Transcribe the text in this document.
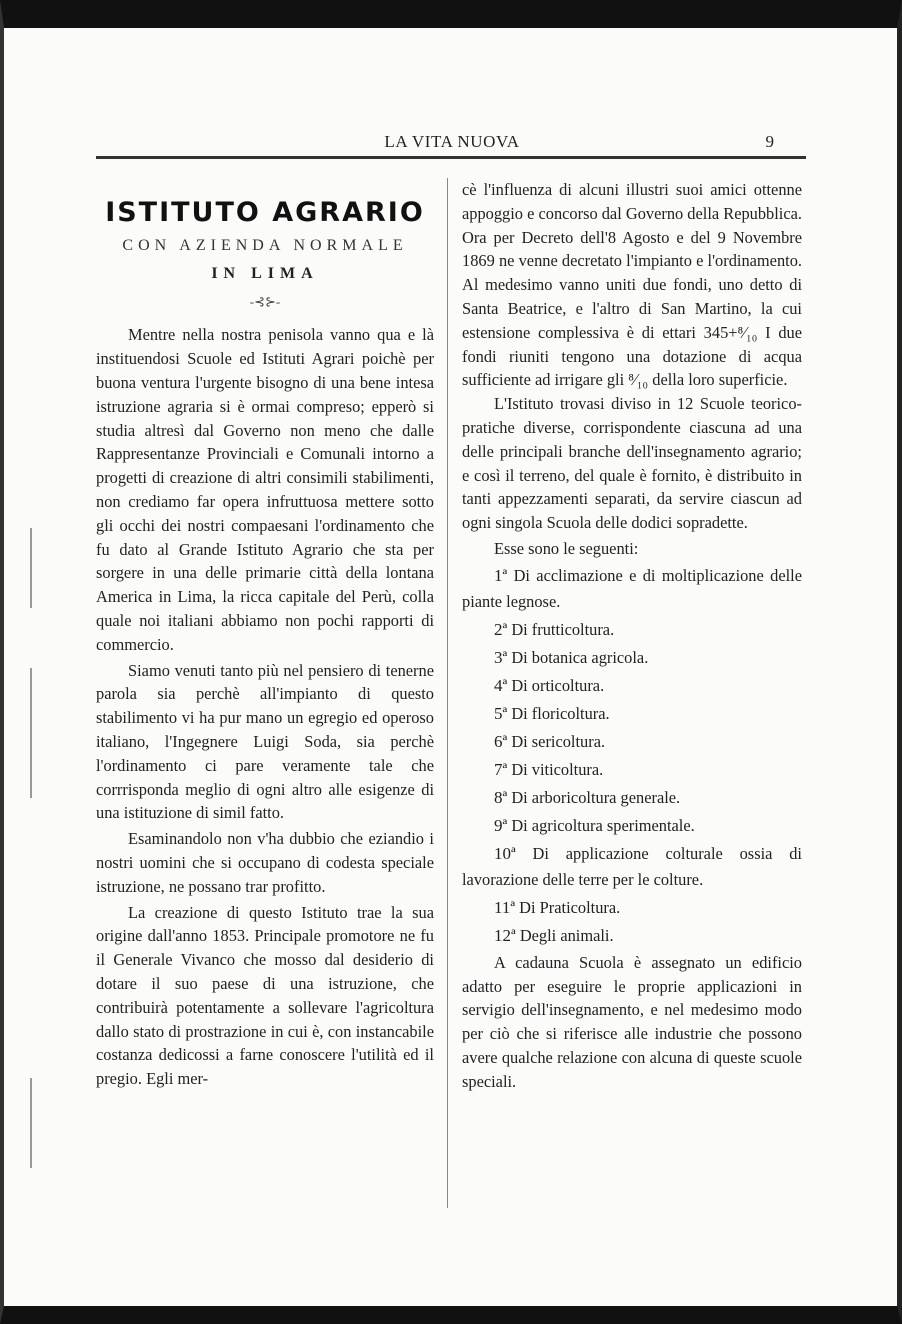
LA VITA NUOVA	9
ISTITUTO AGRARIO
CON AZIENDA NORMALE
IN LIMA
-⊰⊱-

Mentre nella nostra penisola vanno qua e là instituendosi Scuole ed Istituti Agrari poichè per buona ventura l'urgente bisogno di una bene intesa istruzione agraria si è ormai compreso; epperò si studia altresì dal Governo non meno che dalle Rappresentanze Provinciali e Comunali intorno a progetti di creazione di altri consimili stabilimenti, non crediamo far opera infruttuosa mettere sotto gli occhi dei nostri compaesani l'ordinamento che fu dato al Grande Istituto Agrario che sta per sorgere in una delle primarie città della lontana America in Lima, la ricca capitale del Perù, colla quale noi italiani abbiamo non pochi rapporti di commercio.

Siamo venuti tanto più nel pensiero di tenerne parola sia perchè all'impianto di questo stabilimento vi ha pur mano un egregio ed operoso italiano, l'Ingegnere Luigi Soda, sia perchè l'ordinamento ci pare veramente tale che corrrisponda meglio di ogni altro alle esigenze di una istituzione di simil fatto.

Esaminandolo non v'ha dubbio che eziandio i nostri uomini che si occupano di codesta speciale istruzione, ne possano trar profitto.

La creazione di questo Istituto trae la sua origine dall'anno 1853. Principale promotore ne fu il Generale Vivanco che mosso dal desiderio di dotare il suo paese di una istruzione, che contribuirà potentamente a sollevare l'agricoltura dallo stato di prostrazione in cui è, con instancabile costanza dedicossi a farne conoscere l'utilità ed il pregio. Egli mer-

cè l'influenza di alcuni illustri suoi amici ottenne appoggio e concorso dal Governo della Repubblica. Ora per Decreto dell'8 Agosto e del 9 Novembre 1869 ne venne decretato l'impianto e l'ordinamento. Al medesimo vanno uniti due fondi, uno detto di Santa Beatrice, e l'altro di San Martino, la cui estensione complessiva è di ettari 345+⁸⁄₁₀ I due fondi riuniti tengono una dotazione di acqua sufficiente ad irrigare gli ⁸⁄₁₀ della loro superficie.

L'Istituto trovasi diviso in 12 Scuole teorico-pratiche diverse, corrispondente ciascuna ad una delle principali branche dell'insegnamento agrario; e così il terreno, del quale è fornito, è distribuito in tanti appezzamenti separati, da servire ciascun ad ogni singola Scuola delle dodici sopradette.

Esse sono le seguenti:

1ª Di acclimazione e di moltiplicazione delle piante legnose.
2ª Di frutticoltura.
3ª Di botanica agricola.
4ª Di orticoltura.
5ª Di floricoltura.
6ª Di sericoltura.
7ª Di viticoltura.
8ª Di arboricoltura generale.
9ª Di agricoltura sperimentale.
10ª Di applicazione colturale ossia di lavorazione delle terre per le colture.
11ª Di Praticoltura.
12ª Degli animali.

A cadauna Scuola è assegnato un edificio adatto per eseguire le proprie applicazioni in servigio dell'insegnamento, e nel medesimo modo per ciò che si riferisce alle industrie che possono avere qualche relazione con alcuna di queste scuole speciali.
